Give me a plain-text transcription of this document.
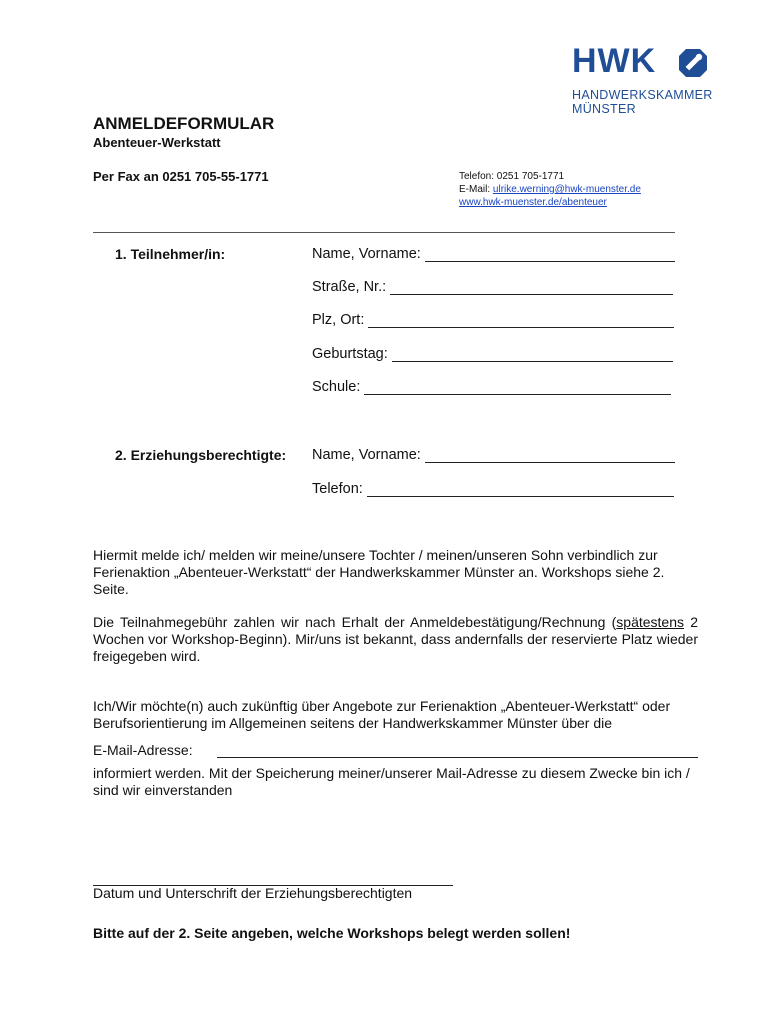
HWK
HANDWERKSKAMMER
MÜNSTER
ANMELDEFORMULAR
Abenteuer-Werkstatt
Per Fax an 0251 705-55-1771	Telefon: 0251 705-1771
E-Mail: ulrike.werning@hwk-muenster.de
www.hwk-muenster.de/abenteuer
1. Teilnehmer/in:	Name, Vorname:
Straße, Nr.:
Plz, Ort:
Geburtstag:
Schule:
2. Erziehungsberechtigte: Name, Vorname:
Telefon:
Hiermit melde ich/ melden wir meine/unsere Tochter / meinen/unseren Sohn verbindlich zur Ferienaktion „Abenteuer-Werkstatt“ der Handwerkskammer Münster an. Workshops siehe 2. Seite.
Die Teilnahmegebühr zahlen wir nach Erhalt der Anmeldebestätigung/Rechnung (spätestens 2 Wochen vor Workshop-Beginn). Mir/uns ist bekannt, dass andernfalls der reservierte Platz wieder freigegeben wird.
Ich/Wir möchte(n) auch zukünftig über Angebote zur Ferienaktion „Abenteuer-Werkstatt“ oder Berufsorientierung im Allgemeinen seitens der Handwerkskammer Münster über die
E-Mail-Adresse:
informiert werden. Mit der Speicherung meiner/unserer Mail-Adresse zu diesem Zwecke bin ich / sind wir einverstanden
Datum und Unterschrift der Erziehungsberechtigten
Bitte auf der 2. Seite angeben, welche Workshops belegt werden sollen!
